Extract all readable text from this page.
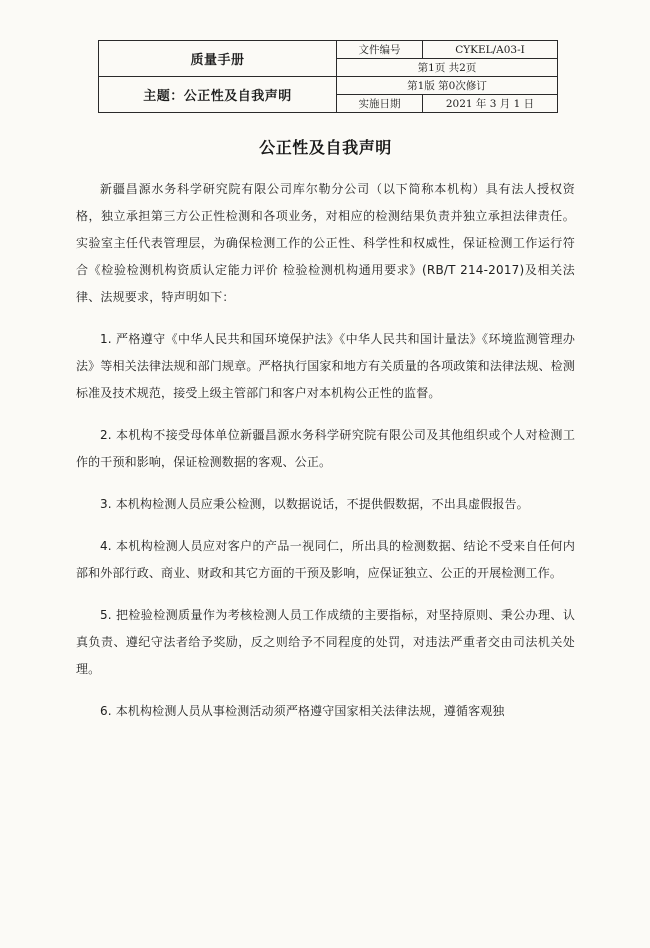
质量手册	文件编号	CYKEL/A03-I
	第1页 共2页	
主题：公正性及自我声明	第1版 第0次修订	
	实施日期	2021 年 3 月 1 日
公正性及自我声明

新疆昌源水务科学研究院有限公司库尔勒分公司（以下简称本机构）具有法人授权资格，独立承担第三方公正性检测和各项业务，对相应的检测结果负责并独立承担法律责任。实验室主任代表管理层，为确保检测工作的公正性、科学性和权威性，保证检测工作运行符合《检验检测机构资质认定能力评价 检验检测机构通用要求》(RB/T 214-2017)及相关法律、法规要求，特声明如下：

1. 严格遵守《中华人民共和国环境保护法》《中华人民共和国计量法》《环境监测管理办法》等相关法律法规和部门规章。严格执行国家和地方有关质量的各项政策和法律法规、检测标准及技术规范，接受上级主管部门和客户对本机构公正性的监督。

2. 本机构不接受母体单位新疆昌源水务科学研究院有限公司及其他组织或个人对检测工作的干预和影响，保证检测数据的客观、公正。

3. 本机构检测人员应秉公检测，以数据说话，不提供假数据，不出具虚假报告。

4. 本机构检测人员应对客户的产品一视同仁，所出具的检测数据、结论不受来自任何内部和外部行政、商业、财政和其它方面的干预及影响，应保证独立、公正的开展检测工作。

5. 把检验检测质量作为考核检测人员工作成绩的主要指标，对坚持原则、秉公办理、认真负责、遵纪守法者给予奖励，反之则给予不同程度的处罚，对违法严重者交由司法机关处理。

6. 本机构检测人员从事检测活动须严格遵守国家相关法律法规，遵循客观独
